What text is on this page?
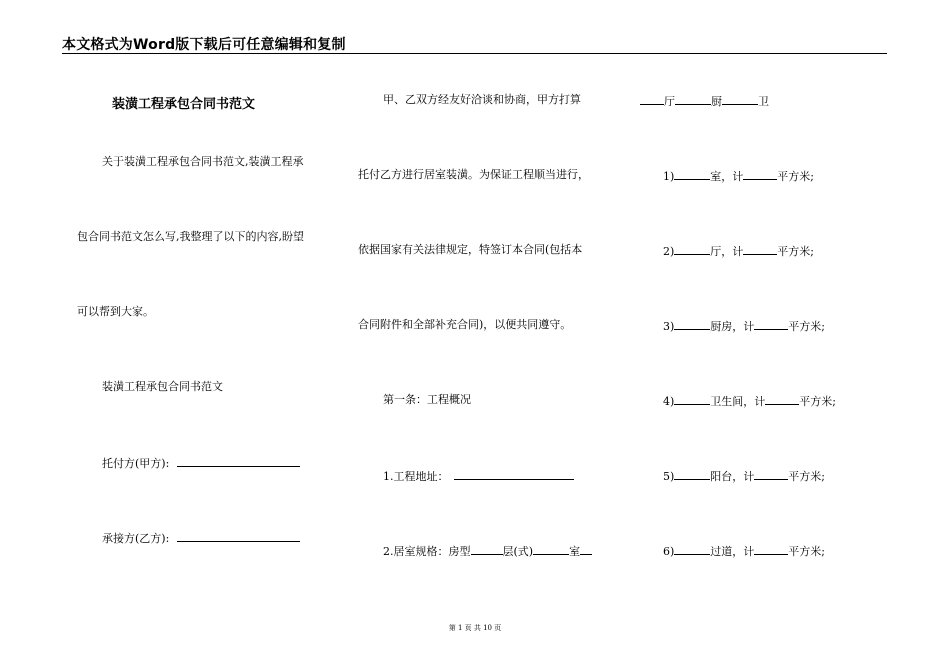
本文格式为Word版下载后可任意编辑和复制
装潢工程承包合同书范文
关于装潢工程承包合同书范文,装潢工程承
包合同书范文怎么写,我整理了以下的内容,盼望
可以帮到大家。
装潢工程承包合同书范文
托付方(甲方):
承接方(乙方):
甲、乙双方经友好洽谈和协商，甲方打算
托付乙方进行居室装潢。为保证工程顺当进行，
依据国家有关法律规定，特签订本合同(包括本
合同附件和全部补充合同)，以便共同遵守。
第一条：工程概况
1.工程地址：
2.居室规格：房型	层(式)	室
厅	厨	卫
1)	室，计	平方米;
2)	厅，计	平方米;
3)	厨房，计	平方米;
4)	卫生间，计	平方米;
5)	阳台，计	平方米;
6)	过道，计	平方米;
第 1 页 共 10 页
